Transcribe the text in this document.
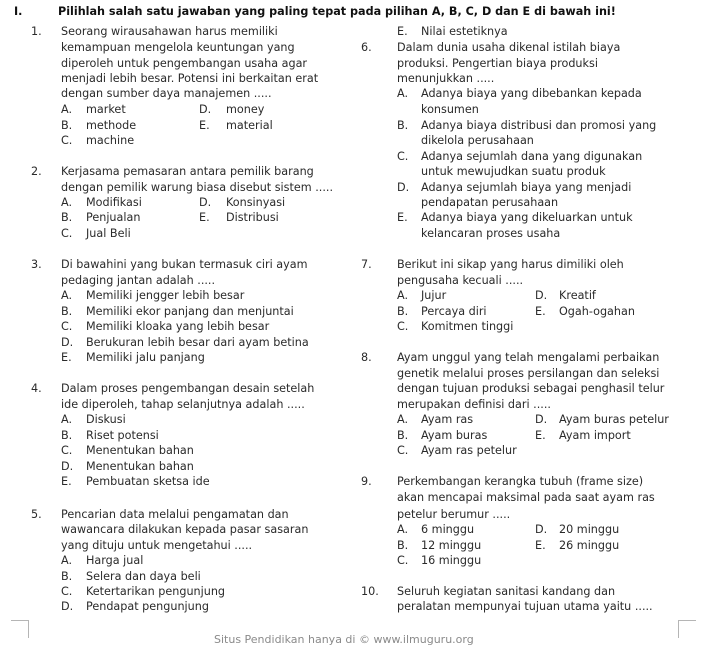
I.	Pilihlah salah satu jawaban yang paling tepat pada pilihan A, B, C, D dan E di bawah ini!
1. Seorang wirausahawan harus memiliki
kemampuan mengelola keuntungan yang
diperoleh untuk pengembangan usaha agar
menjadi lebih besar. Potensi ini berkaitan erat
dengan sumber daya manajemen .....
A. market	D. money
B. methode	E. material
C. machine
2. Kerjasama pemasaran antara pemilik barang
dengan pemilik warung biasa disebut sistem .....
A. Modifikasi	D. Konsinyasi
B. Penjualan	E. Distribusi
C. Jual Beli
3. Di bawahini yang bukan termasuk ciri ayam
pedaging jantan adalah .....
A. Memiliki jengger lebih besar
B. Memiliki ekor panjang dan menjuntai
C. Memiliki kloaka yang lebih besar
D. Berukuran lebih besar dari ayam betina
E. Memiliki jalu panjang
4. Dalam proses pengembangan desain setelah
ide diperoleh, tahap selanjutnya adalah .....
A. Diskusi
B. Riset potensi
C. Menentukan bahan
D. Menentukan bahan
E. Pembuatan sketsa ide
5. Pencarian data melalui pengamatan dan
wawancara dilakukan kepada pasar sasaran
yang dituju untuk mengetahui .....
A. Harga jual
B. Selera dan daya beli
C. Ketertarikan pengunjung
D. Pendapat pengunjung
E. Nilai estetiknya
6. Dalam dunia usaha dikenal istilah biaya
produksi. Pengertian biaya produksi
menunjukkan .....
A. Adanya biaya yang dibebankan kepada
konsumen
B. Adanya biaya distribusi dan promosi yang
dikelola perusahaan
C. Adanya sejumlah dana yang digunakan
untuk mewujudkan suatu produk
D. Adanya sejumlah biaya yang menjadi
pendapatan perusahaan
E. Adanya biaya yang dikeluarkan untuk
kelancaran proses usaha
7. Berikut ini sikap yang harus dimiliki oleh
pengusaha kecuali .....
A. Jujur	D. Kreatif
B. Percaya diri	E. Ogah-ogahan
C. Komitmen tinggi
8. Ayam unggul yang telah mengalami perbaikan
genetik melalui proses persilangan dan seleksi
dengan tujuan produksi sebagai penghasil telur
merupakan definisi dari .....
A. Ayam ras	D. Ayam buras petelur
B. Ayam buras	E. Ayam import
C. Ayam ras petelur
9. Perkembangan kerangka tubuh (frame size)
akan mencapai maksimal pada saat ayam ras
petelur berumur .....
A. 6 minggu	D. 20 minggu
B. 12 minggu	E. 26 minggu
C. 16 minggu
10. Seluruh kegiatan sanitasi kandang dan
peralatan mempunyai tujuan utama yaitu .....
Situs Pendidikan hanya di © www.ilmuguru.org
